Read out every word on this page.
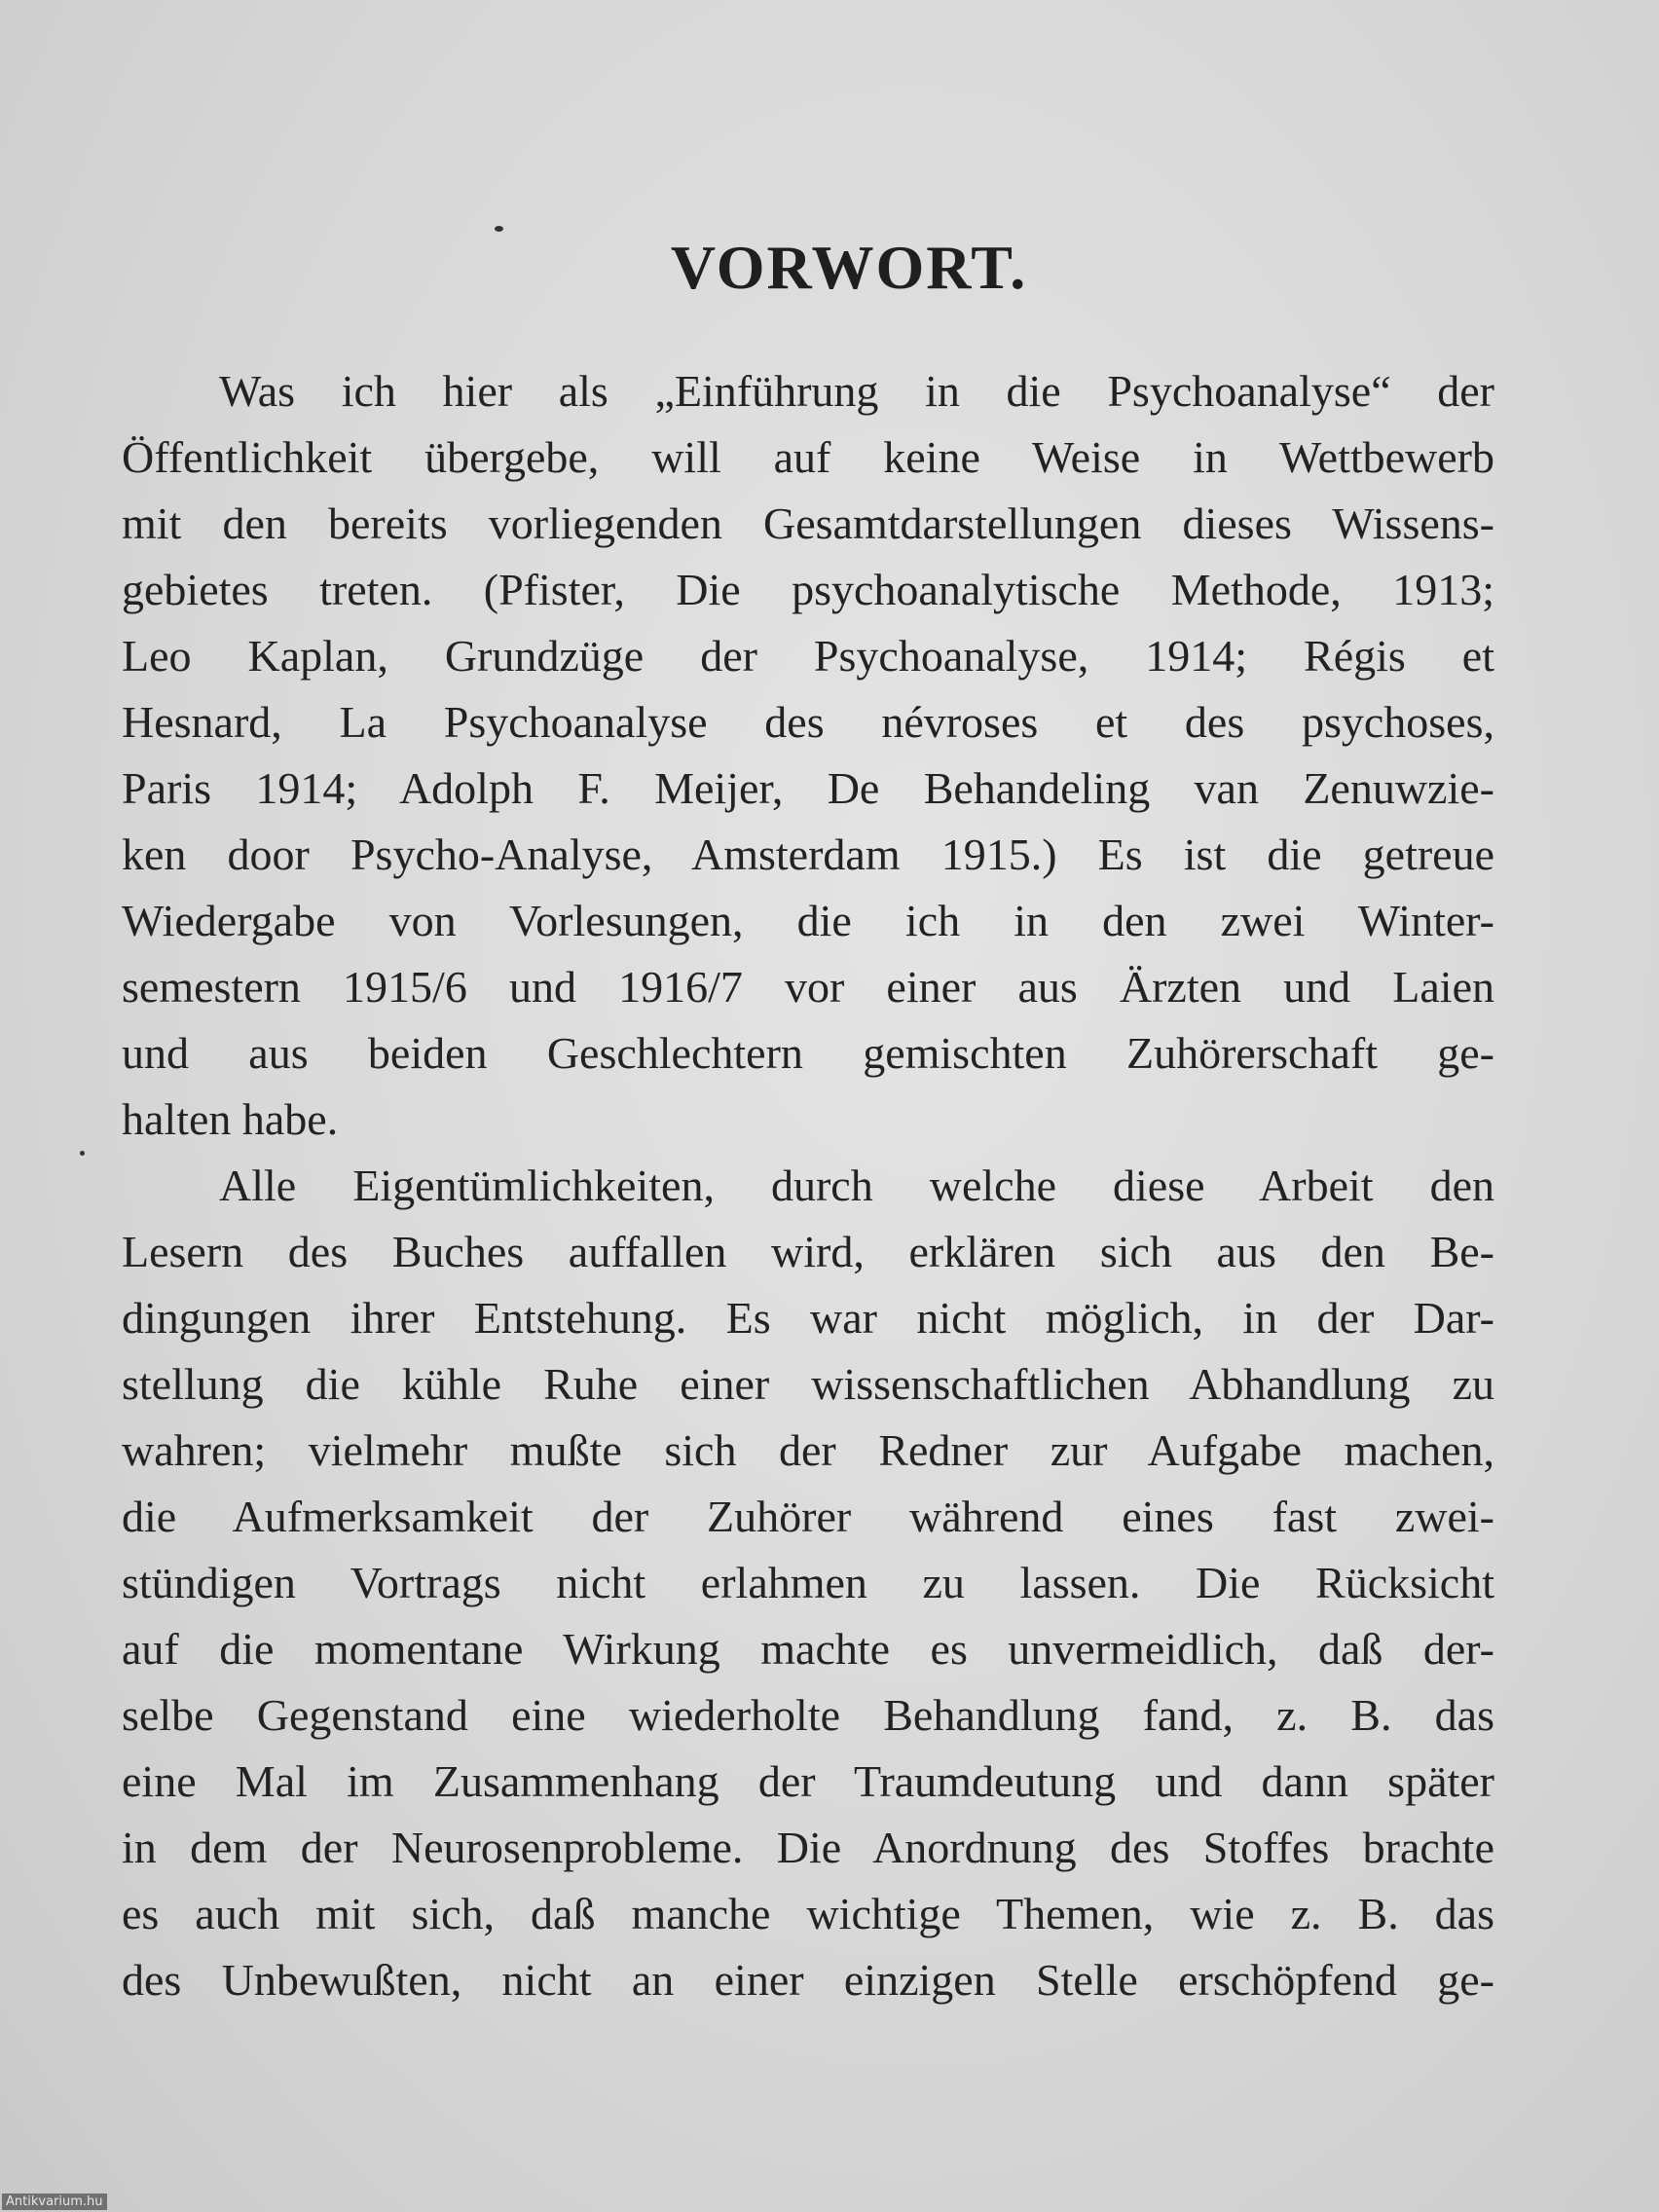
VORWORT.
Was ich hier als „Einführung in die Psychoanalyse“ der
Öffentlichkeit übergebe, will auf keine Weise in Wettbewerb
mit den bereits vorliegenden Gesamtdarstellungen dieses Wissens-
gebietes treten. (Pfister, Die psychoanalytische Methode, 1913;
Leo Kaplan, Grundzüge der Psychoanalyse, 1914; Régis et
Hesnard, La Psychoanalyse des névroses et des psychoses,
Paris 1914; Adolph F. Meijer, De Behandeling van Zenuwzie-
ken door Psycho-Analyse, Amsterdam 1915.) Es ist die getreue
Wiedergabe von Vorlesungen, die ich in den zwei Winter-
semestern 1915/6 und 1916/7 vor einer aus Ärzten und Laien
und aus beiden Geschlechtern gemischten Zuhörerschaft ge-
halten habe.
Alle Eigentümlichkeiten, durch welche diese Arbeit den
Lesern des Buches auffallen wird, erklären sich aus den Be-
dingungen ihrer Entstehung. Es war nicht möglich, in der Dar-
stellung die kühle Ruhe einer wissenschaftlichen Abhandlung zu
wahren; vielmehr mußte sich der Redner zur Aufgabe machen,
die Aufmerksamkeit der Zuhörer während eines fast zwei-
stündigen Vortrags nicht erlahmen zu lassen. Die Rücksicht
auf die momentane Wirkung machte es unvermeidlich, daß der-
selbe Gegenstand eine wiederholte Behandlung fand, z. B. das
eine Mal im Zusammenhang der Traumdeutung und dann später
in dem der Neurosenprobleme. Die Anordnung des Stoffes brachte
es auch mit sich, daß manche wichtige Themen, wie z. B. das
des Unbewußten, nicht an einer einzigen Stelle erschöpfend ge-
Antikvarium.hu
